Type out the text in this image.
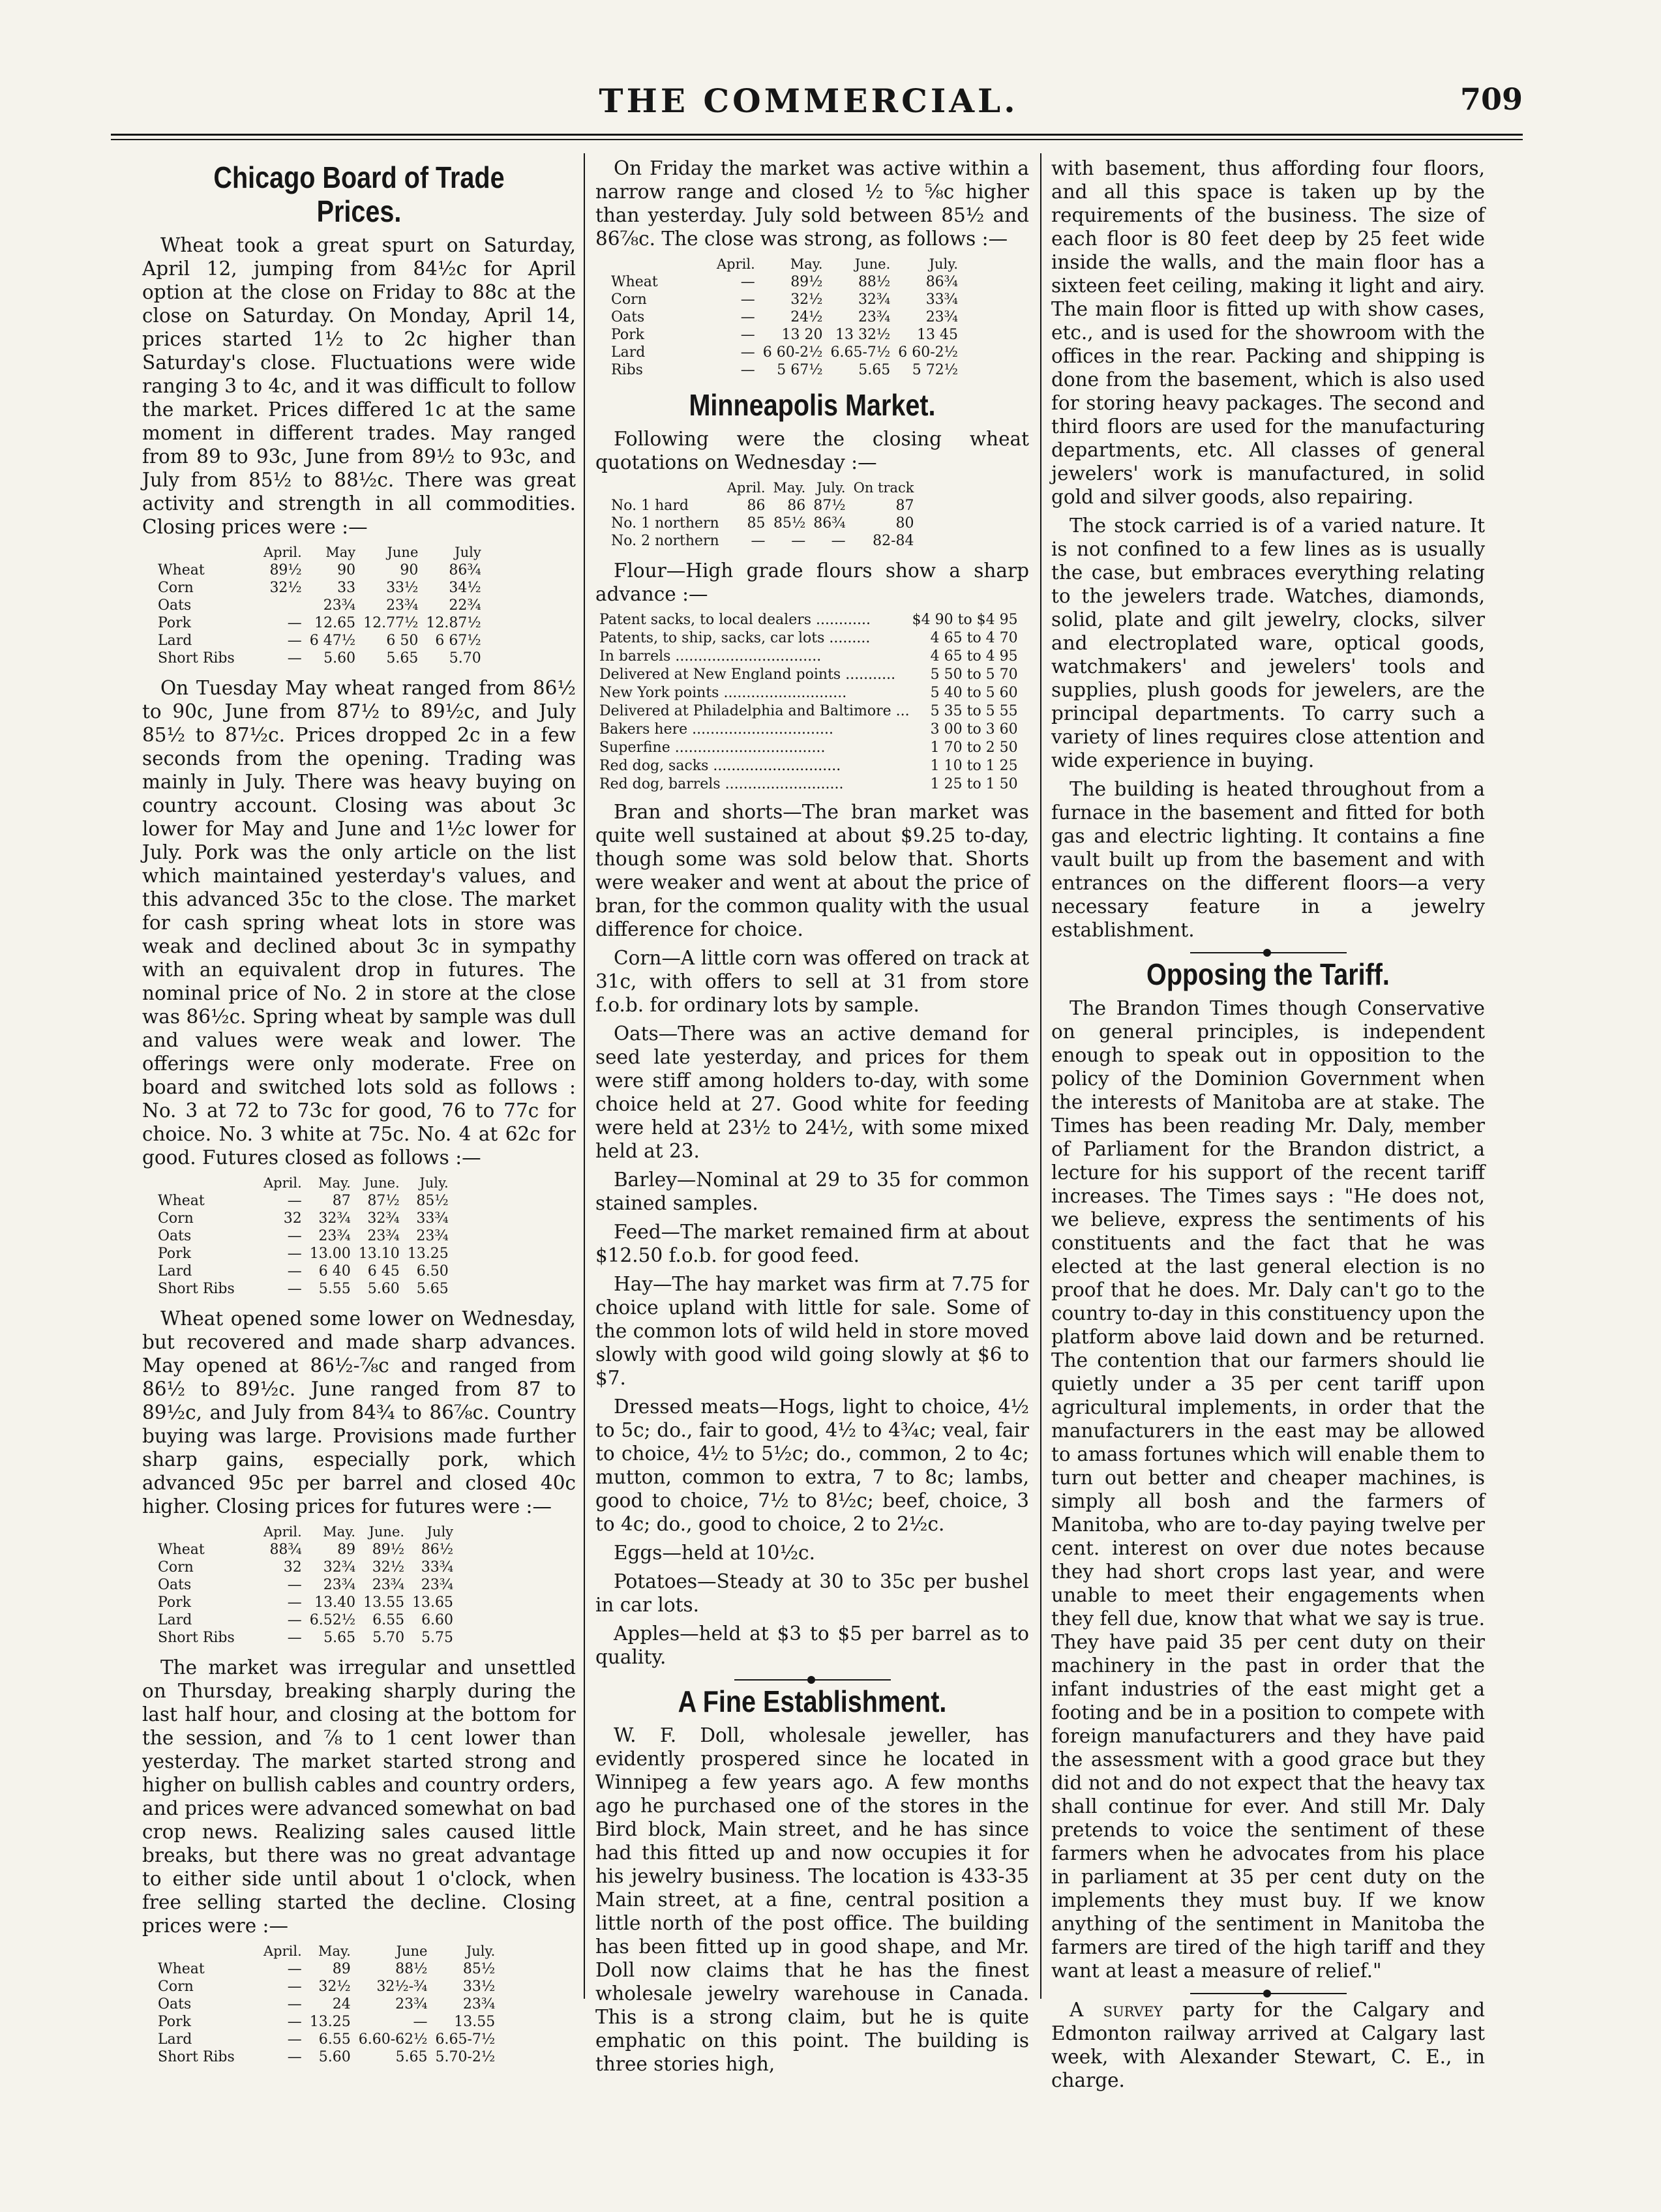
THE COMMERCIAL.	709
Chicago Board of Trade Prices.

Wheat took a great spurt on Saturday, April 12, jumping from 84½c for April option at the close on Friday to 88c at the close on Saturday. On Monday, April 14, prices started 1½ to 2c higher than Saturday's close. Fluctuations were wide ranging 3 to 4c, and it was difficult to follow the market. Prices differed 1c at the same moment in different trades. May ranged from 89 to 93c, June from 89½ to 93c, and July from 85½ to 88½c. There was great activity and strength in all commodities. Closing prices were :—

	April.	May	June	July
Wheat	89½	90	90	86¾
Corn	32½	33	33½	34½
Oats		23¾	23¾	22¾
Pork	—	12.65	12.77½	12.87½
Lard	—	6 47½	6 50	6 67½
Short Ribs	—	5.60	5.65	5.70

On Tuesday May wheat ranged from 86½ to 90c, June from 87½ to 89½c, and July 85½ to 87½c. Prices dropped 2c in a few seconds from the opening. Trading was mainly in July. There was heavy buying on country account. Closing was about 3c lower for May and June and 1½c lower for July. Pork was the only article on the list which maintained yesterday's values, and this advanced 35c to the close. The market for cash spring wheat lots in store was weak and declined about 3c in sympathy with an equivalent drop in futures. The nominal price of No. 2 in store at the close was 86½c. Spring wheat by sample was dull and values were weak and lower. The offerings were only moderate. Free on board and switched lots sold as follows : No. 3 at 72 to 73c for good, 76 to 77c for choice. No. 3 white at 75c. No. 4 at 62c for good. Futures closed as follows :—

	April.	May.	June.	July.
Wheat	—	87	87½	85½
Corn	32	32¾	32¾	33¾
Oats	—	23¾	23¾	23¾
Pork	—	13.00	13.10	13.25
Lard	—	6 40	6 45	6.50
Short Ribs	—	5.55	5.60	5.65

Wheat opened some lower on Wednesday, but recovered and made sharp advances. May opened at 86½-⅞c and ranged from 86½ to 89½c. June ranged from 87 to 89½c, and July from 84¾ to 86⅞c. Country buying was large. Provisions made further sharp gains, especially pork, which advanced 95c per barrel and closed 40c higher. Closing prices for futures were :—

	April.	May.	June.	July
Wheat	88¾	89	89½	86½
Corn	32	32¾	32½	33¾
Oats	—	23¾	23¾	23¾
Pork	—	13.40	13.55	13.65
Lard	—	6.52½	6.55	6.60
Short Ribs	—	5.65	5.70	5.75

The market was irregular and unsettled on Thursday, breaking sharply during the last half hour, and closing at the bottom for the session, and ⅞ to 1 cent lower than yesterday. The market started strong and higher on bullish cables and country orders, and prices were advanced somewhat on bad crop news. Realizing sales caused little breaks, but there was no great advantage to either side until about 1 o'clock, when free selling started the decline. Closing prices were :—

	April.	May.	June	July.
Wheat	—	89	88½	85½
Corn	—	32½	32½-¾	33½
Oats	—	24	23¾	23¾
Pork	—	13.25	—	13.55
Lard	—	6.55	6.60-62½	6.65-7½
Short Ribs	—	5.60	5.65	5.70-2½

On Friday the market was active within a narrow range and closed ½ to ⅝c higher than yesterday. July sold between 85½ and 86⅞c. The close was strong, as follows :—

	April.	May.	June.	July.
Wheat	—	89½	88½	86¾
Corn	—	32½	32¾	33¾
Oats	—	24½	23¾	23¾
Pork	—	13 20	13 32½	13 45
Lard	—	6 60-2½	6.65-7½	6 60-2½
Ribs	—	5 67½	5.65	5 72½
Minneapolis Market.

Following were the closing wheat quotations on Wednesday :—

	April.	May.	July.	On track
No. 1 hard	86	86	87½	87
No. 1 northern	85	85½	86¾	80
No. 2 northern	—	—	—	82-84

Flour—High grade flours show a sharp advance :—

Patent sacks, to local dealers ............	$4 90 to $4 95
Patents, to ship, sacks, car lots .........	4 65 to 4 70
In barrels ................................	4 65 to 4 95
Delivered at New England points ...........	5 50 to 5 70
New York points ...........................	5 40 to 5 60
Delivered at Philadelphia and Baltimore ...	5 35 to 5 55
Bakers here ...............................	3 00 to 3 60
Superfine .................................	1 70 to 2 50
Red dog, sacks ............................	1 10 to 1 25
Red dog, barrels ..........................	1 25 to 1 50

Bran and shorts—The bran market was quite well sustained at about $9.25 to-day, though some was sold below that. Shorts were weaker and went at about the price of bran, for the common quality with the usual difference for choice.

Corn—A little corn was offered on track at 31c, with offers to sell at 31 from store f.o.b. for ordinary lots by sample.

Oats—There was an active demand for seed late yesterday, and prices for them were stiff among holders to-day, with some choice held at 27. Good white for feeding were held at 23½ to 24½, with some mixed held at 23.

Barley—Nominal at 29 to 35 for common stained samples.

Feed—The market remained firm at about $12.50 f.o.b. for good feed.

Hay—The hay market was firm at 7.75 for choice upland with little for sale. Some of the common lots of wild held in store moved slowly with good wild going slowly at $6 to $7.

Dressed meats—Hogs, light to choice, 4½ to 5c; do., fair to good, 4½ to 4¾c; veal, fair to choice, 4½ to 5½c; do., common, 2 to 4c; mutton, common to extra, 7 to 8c; lambs, good to choice, 7½ to 8½c; beef, choice, 3 to 4c; do., good to choice, 2 to 2½c.

Eggs—held at 10½c.

Potatoes—Steady at 30 to 35c per bushel in car lots.

Apples—held at $3 to $5 per barrel as to quality.

A Fine Establishment.

W. F. Doll, wholesale jeweller, has evidently prospered since he located in Winnipeg a few years ago. A few months ago he purchased one of the stores in the Bird block, Main street, and he has since had this fitted up and now occupies it for his jewelry business. The location is 433-35 Main street, at a fine, central position a little north of the post office. The building has been fitted up in good shape, and Mr. Doll now claims that he has the finest wholesale jewelry warehouse in Canada. This is a strong claim, but he is quite emphatic on this point. The building is three stories high,

with basement, thus affording four floors, and all this space is taken up by the requirements of the business. The size of each floor is 80 feet deep by 25 feet wide inside the walls, and the main floor has a sixteen feet ceiling, making it light and airy. The main floor is fitted up with show cases, etc., and is used for the showroom with the offices in the rear. Packing and shipping is done from the basement, which is also used for storing heavy packages. The second and third floors are used for the manufacturing departments, etc. All classes of general jewelers' work is manufactured, in solid gold and silver goods, also repairing.

The stock carried is of a varied nature. It is not confined to a few lines as is usually the case, but embraces everything relating to the jewelers trade. Watches, diamonds, solid, plate and gilt jewelry, clocks, silver and electroplated ware, optical goods, watchmakers' and jewelers' tools and supplies, plush goods for jewelers, are the principal departments. To carry such a variety of lines requires close attention and wide experience in buying.

The building is heated throughout from a furnace in the basement and fitted for both gas and electric lighting. It contains a fine vault built up from the basement and with entrances on the different floors—a very necessary feature in a jewelry establishment.

Opposing the Tariff.

The Brandon Times though Conservative on general principles, is independent enough to speak out in opposition to the policy of the Dominion Government when the interests of Manitoba are at stake. The Times has been reading Mr. Daly, member of Parliament for the Brandon district, a lecture for his support of the recent tariff increases. The Times says : "He does not, we believe, express the sentiments of his constituents and the fact that he was elected at the last general election is no proof that he does. Mr. Daly can't go to the country to-day in this constituency upon the platform above laid down and be returned. The contention that our farmers should lie quietly under a 35 per cent tariff upon agricultural implements, in order that the manufacturers in the east may be allowed to amass fortunes which will enable them to turn out better and cheaper machines, is simply all bosh and the farmers of Manitoba, who are to-day paying twelve per cent. interest on over due notes because they had short crops last year, and were unable to meet their engagements when they fell due, know that what we say is true. They have paid 35 per cent duty on their machinery in the past in order that the infant industries of the east might get a footing and be in a position to compete with foreign manufacturers and they have paid the assessment with a good grace but they did not and do not expect that the heavy tax shall continue for ever. And still Mr. Daly pretends to voice the sentiment of these farmers when he advocates from his place in parliament at 35 per cent duty on the implements they must buy. If we know anything of the sentiment in Manitoba the farmers are tired of the high tariff and they want at least a measure of relief."

A survey party for the Calgary and Edmonton railway arrived at Calgary last week, with Alexander Stewart, C. E., in charge.
